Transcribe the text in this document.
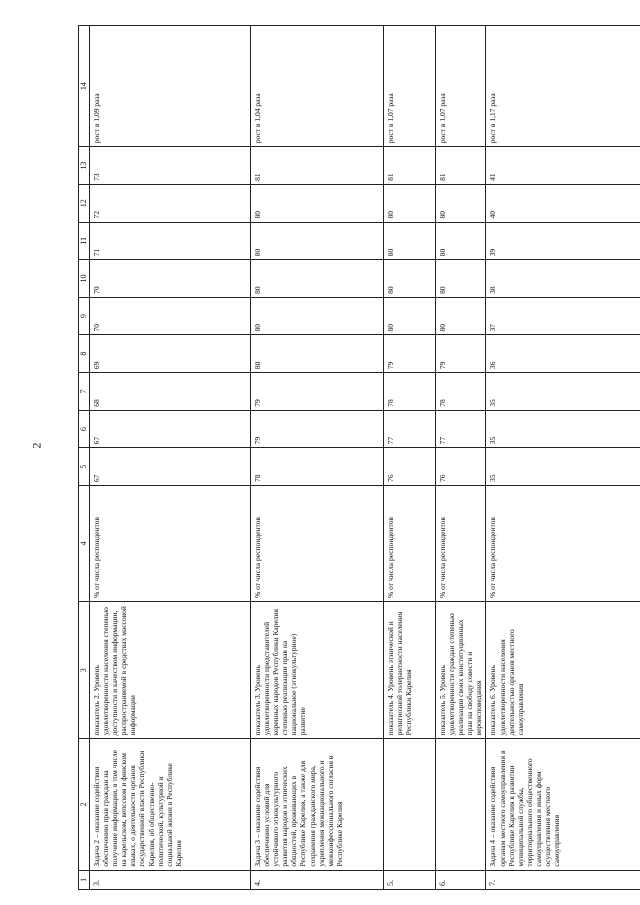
2
1	2	3	4	5	6	7	8	9	10	11	12	13	14
3.	Задача 2 – оказание содействия обеспечению прав граждан на получение информации, в том числе на карельском, вепсском и финском языках, о деятельности органов государственной власти Республики Карелия, об общественно-политической, культурной и социальной жизни в Республике Карелия	показатель 2. Уровень удовлетворенности населения степенью доступности и качеством информации, распространяемой в средствах массовой информации	% от числа респондентов	67	67	68	69	70	70	71	72	73	рост в 1,09 раза
4.	Задача 3 – оказание содействия обеспечению условий для устойчивого этнокультурного развития народов и этнических общностей, проживающих в Республике Карелия, а также для сохранения гражданского мира, укрепления межнационального и межконфессионального согласия в Республике Карелия	показатель 3. Уровень удовлетворенности представителей коренных народов Республики Карелия степенью реализации прав на национальное (этнокультурное) развитие	% от числа респондентов	78	79	79	80	80	80	80	80	81	рост в 1,04 раза
5.		показатель 4. Уровень этнической и религиозной толерантности населения Республики Карелия	% от числа респондентов	76	77	78	79	80	80	80	80	81	рост в 1,07 раза
6.		показатель 5. Уровень удовлетворенности граждан степенью реализации своих конституционных прав на свободу совести и вероисповедания	% от числа респондентов	76	77	78	79	80	80	80	80	81	рост в 1,07 раза
7.	Задача 4 – оказание содействия органам местного самоуправления в Республике Карелия в развитии муниципальной службы, территориального общественного самоуправления и иных форм осуществления местного самоуправления	показатель 6. Уровень удовлетворенности населения деятельностью органов местного самоуправления	% от числа респондентов	35	35	35	36	37	38	39	40	41	рост в 1,17 раза
